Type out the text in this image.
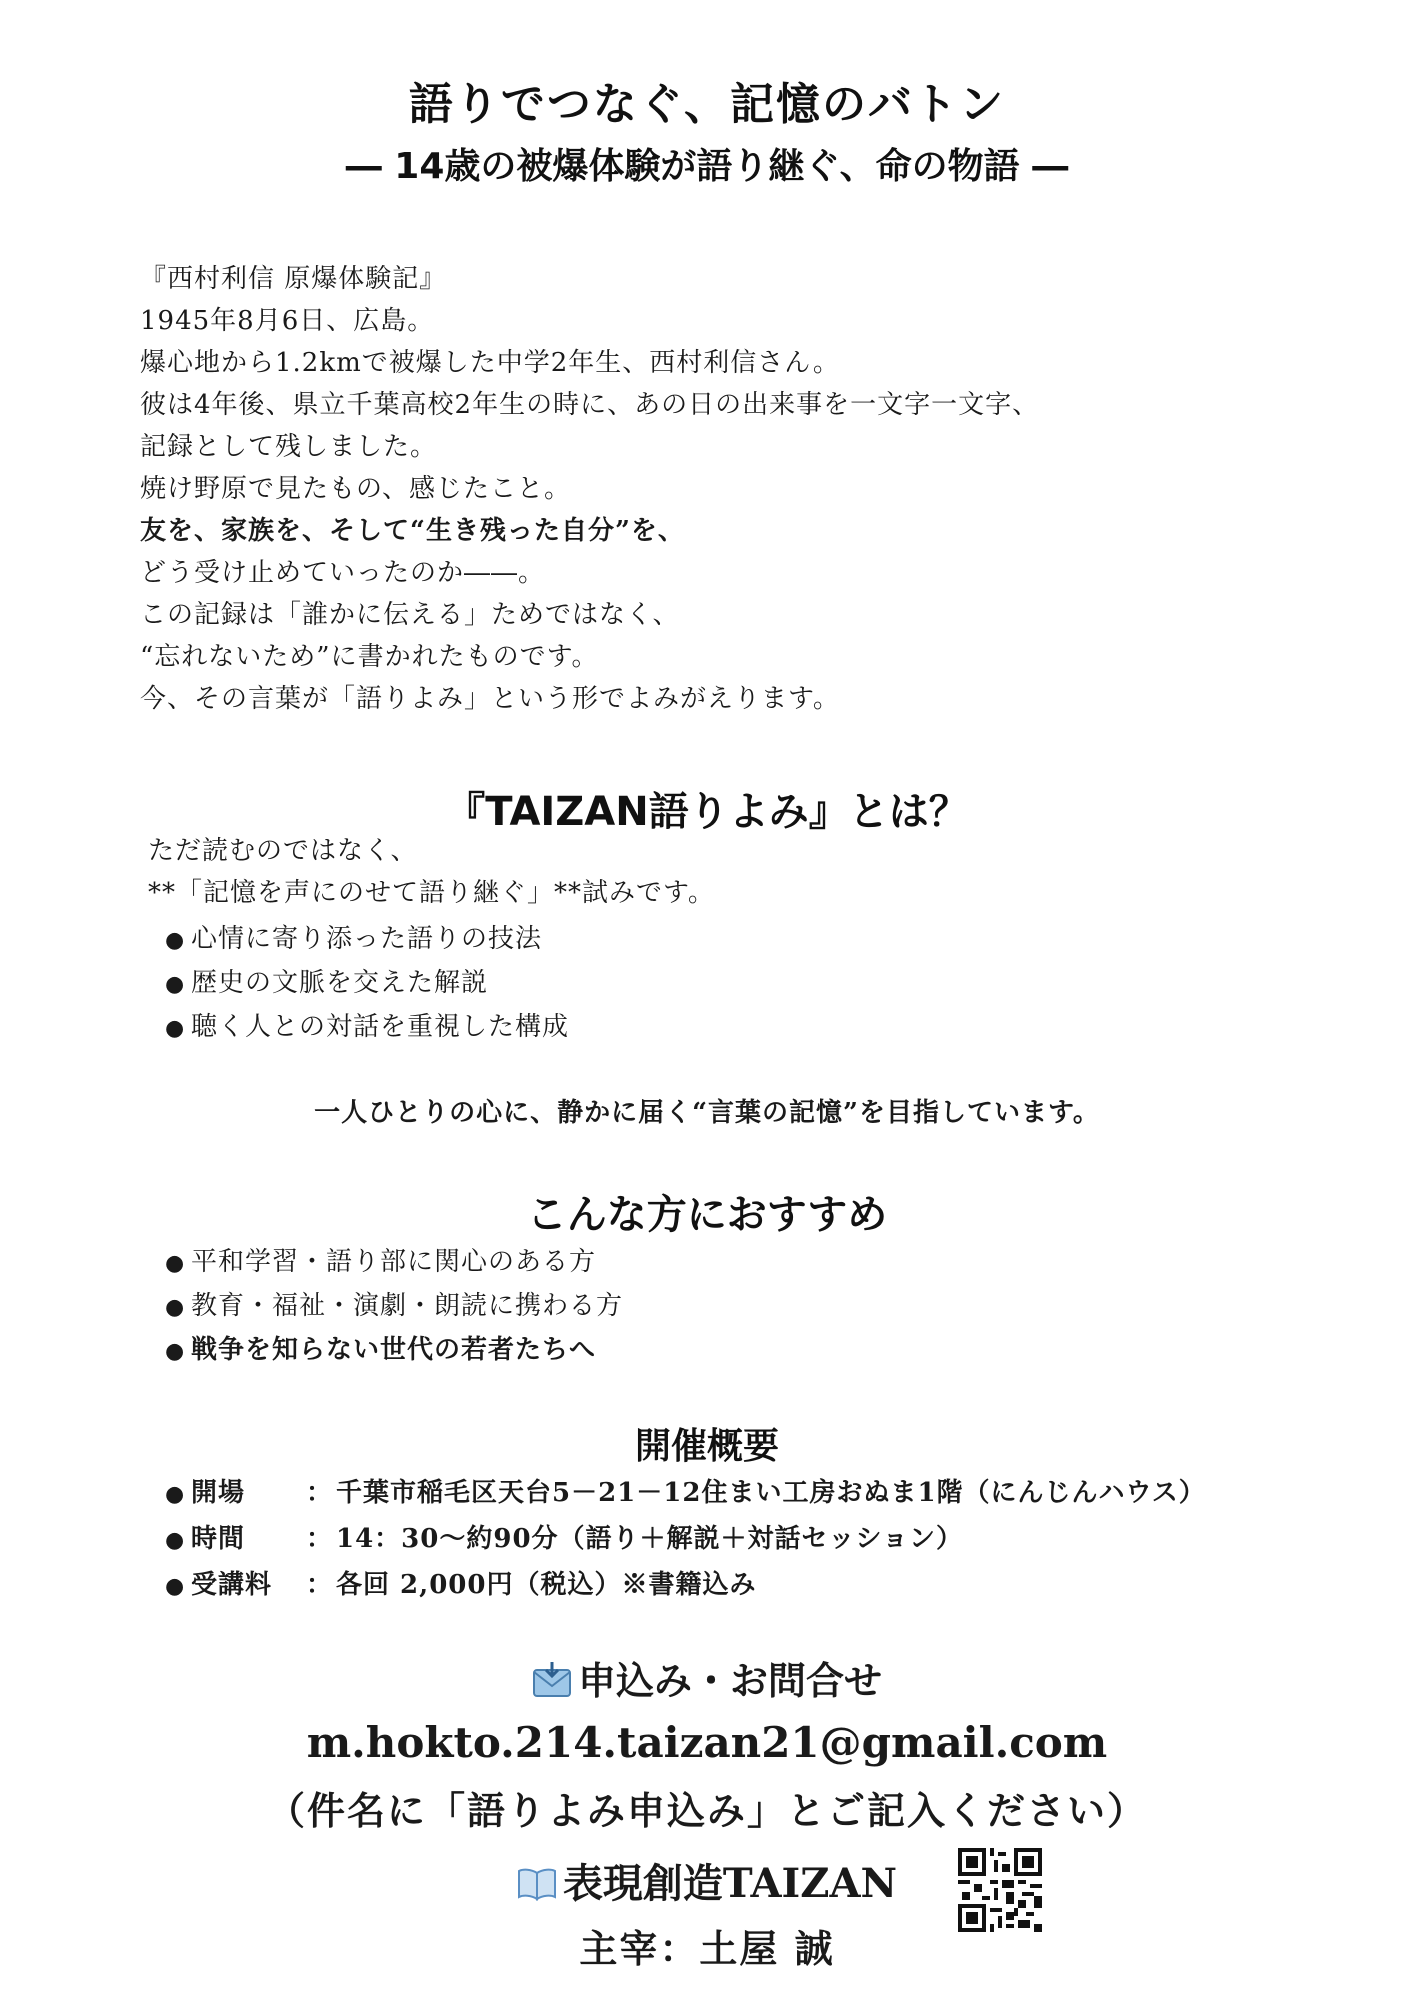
語りでつなぐ、記憶のバトン
― 14歳の被爆体験が語り継ぐ、命の物語 ―
『西村利信 原爆体験記』
1945年8月6日、広島。
爆心地から1.2kmで被爆した中学2年生、西村利信さん。
彼は4年後、県立千葉高校2年生の時に、あの日の出来事を一文字一文字、
記録として残しました。
焼け野原で見たもの、感じたこと。
友を、家族を、そして“生き残った自分”を、
どう受け止めていったのか――。
この記録は「誰かに伝える」ためではなく、
“忘れないため”に書かれたものです。
今、その言葉が「語りよみ」という形でよみがえります。
『TAIZAN語りよみ』とは？
ただ読むのではなく、
**「記憶を声にのせて語り継ぐ」**試みです。
● 心情に寄り添った語りの技法
● 歴史の文脈を交えた解説
● 聴く人との対話を重視した構成
一人ひとりの心に、静かに届く“言葉の記憶”を目指しています。
こんな方におすすめ
● 平和学習・語り部に関心のある方
● 教育・福祉・演劇・朗読に携わる方
● 戦争を知らない世代の若者たちへ
開催概要
● 開場 ： 千葉市稲毛区天台5－21－12住まい工房おぬま1階（にんじんハウス）
● 時間 ： 14：30～約90分（語り＋解説＋対話セッション）
● 受講料 ： 各回 2,000円（税込）※書籍込み
申込み・お問合せ
m.hokto.214.taizan21@gmail.com
（件名に「語りよみ申込み」とご記入ください）
表現創造TAIZAN
主宰：土屋 誠
